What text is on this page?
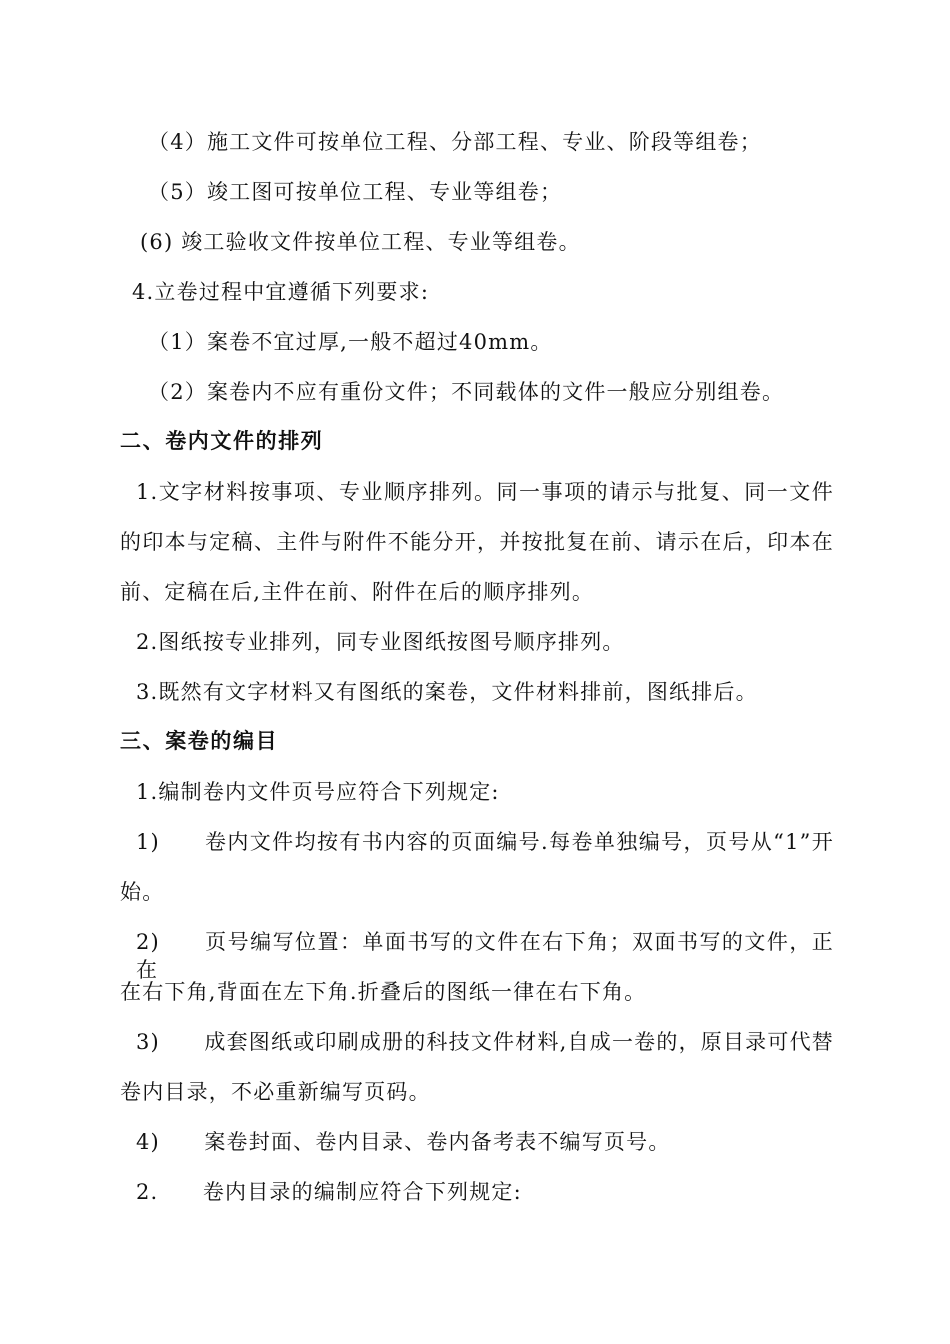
（4）施工文件可按单位工程、分部工程、专业、阶段等组卷；
（5）竣工图可按单位工程、专业等组卷；
(6) 竣工验收文件按单位工程、专业等组卷。
4.立卷过程中宜遵循下列要求:
（1）案卷不宜过厚,一般不超过40mm。
（2）案卷内不应有重份文件；不同载体的文件一般应分别组卷。
二、卷内文件的排列
1.文字材料按事项、专业顺序排列。同一事项的请示与批复、同一文件
的印本与定稿、主件与附件不能分开，并按批复在前、请示在后，印本在
前、定稿在后,主件在前、附件在后的顺序排列。
2.图纸按专业排列，同专业图纸按图号顺序排列。
3.既然有文字材料又有图纸的案卷，文件材料排前，图纸排后。
三、案卷的编目
1.编制卷内文件页号应符合下列规定:
1)　　卷内文件均按有书内容的页面编号.每卷单独编号，页号从“1”开
始。
2)　　页号编写位置：单面书写的文件在右下角；双面书写的文件，正在
在右下角,背面在左下角.折叠后的图纸一律在右下角。
3)　　成套图纸或印刷成册的科技文件材料,自成一卷的，原目录可代替
卷内目录，不必重新编写页码。
4)　　案卷封面、卷内目录、卷内备考表不编写页号。
2.　　卷内目录的编制应符合下列规定:
